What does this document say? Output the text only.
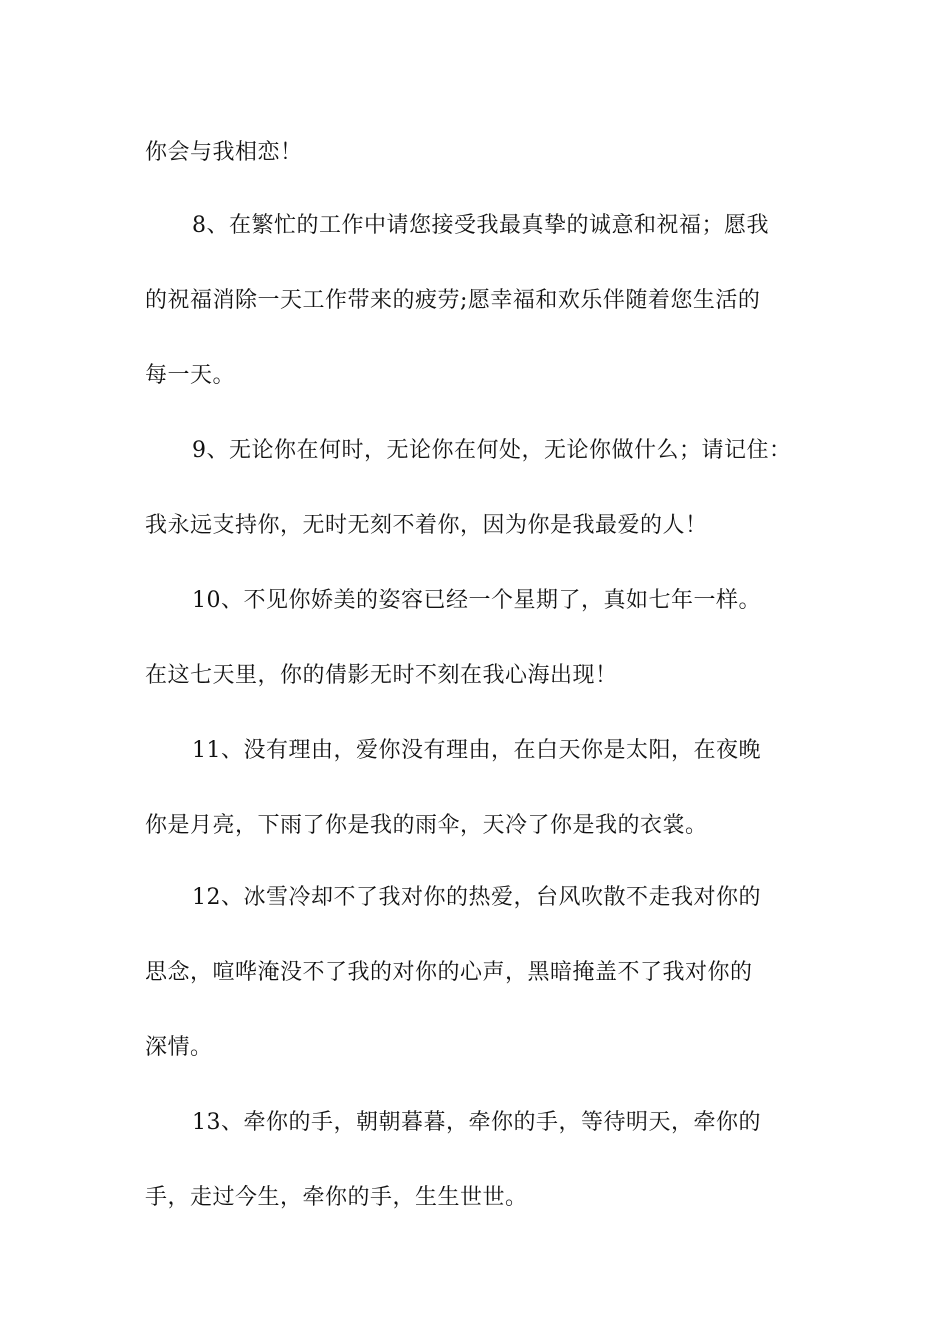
你会与我相恋！
8、在繁忙的工作中请您接受我最真挚的诚意和祝福；愿我
的祝福消除一天工作带来的疲劳;愿幸福和欢乐伴随着您生活的
每一天。
9、无论你在何时，无论你在何处，无论你做什么；请记住：
我永远支持你，无时无刻不着你，因为你是我最爱的人！
10、不见你娇美的姿容已经一个星期了，真如七年一样。
在这七天里，你的倩影无时不刻在我心海出现！
11、没有理由，爱你没有理由，在白天你是太阳，在夜晚
你是月亮，下雨了你是我的雨伞，天冷了你是我的衣裳。
12、冰雪冷却不了我对你的热爱，台风吹散不走我对你的
思念，喧哗淹没不了我的对你的心声，黑暗掩盖不了我对你的
深情。
13、牵你的手，朝朝暮暮，牵你的手，等待明天，牵你的
手，走过今生，牵你的手，生生世世。
